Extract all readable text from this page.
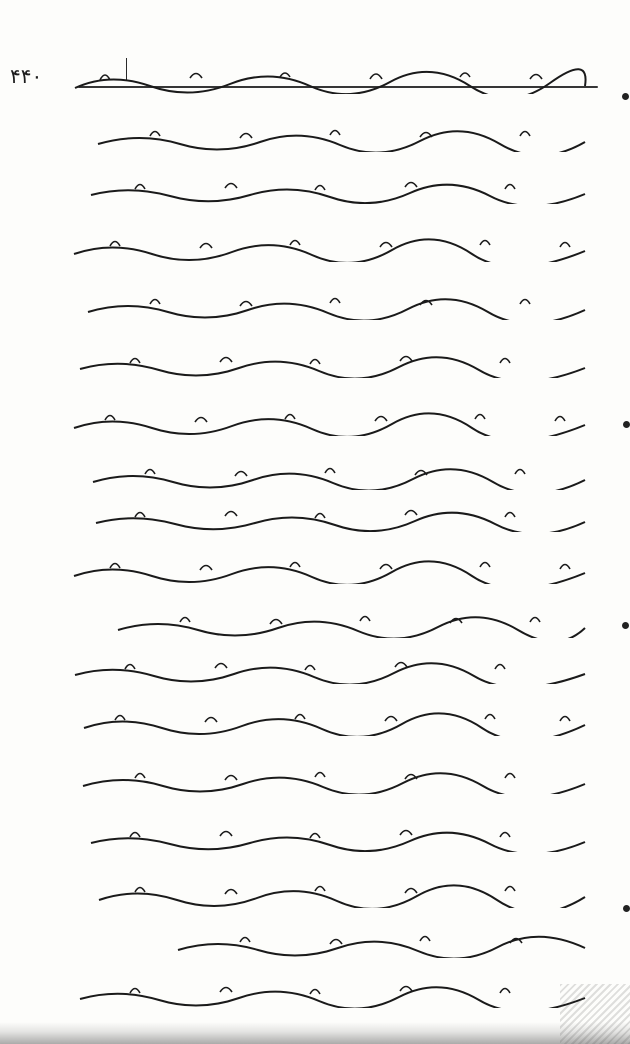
۴۴۰
